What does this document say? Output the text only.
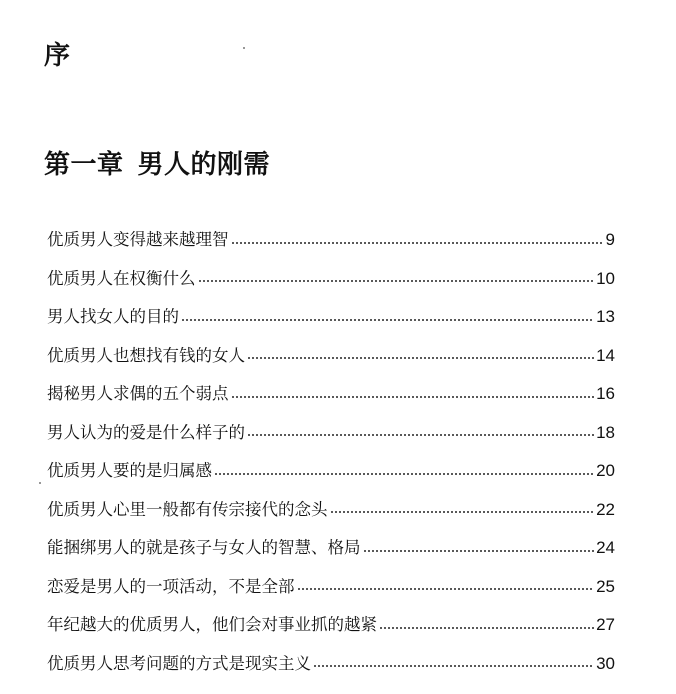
序
第一章 男人的刚需
优质男人变得越来越理智	9
优质男人在权衡什么	10
男人找女人的目的	13
优质男人也想找有钱的女人	14
揭秘男人求偶的五个弱点	16
男人认为的爱是什么样子的	18
优质男人要的是归属感	20
优质男人心里一般都有传宗接代的念头	22
能捆绑男人的就是孩子与女人的智慧、格局	24
恋爱是男人的一项活动，不是全部	25
年纪越大的优质男人，他们会对事业抓的越紧	27
优质男人思考问题的方式是现实主义	30
